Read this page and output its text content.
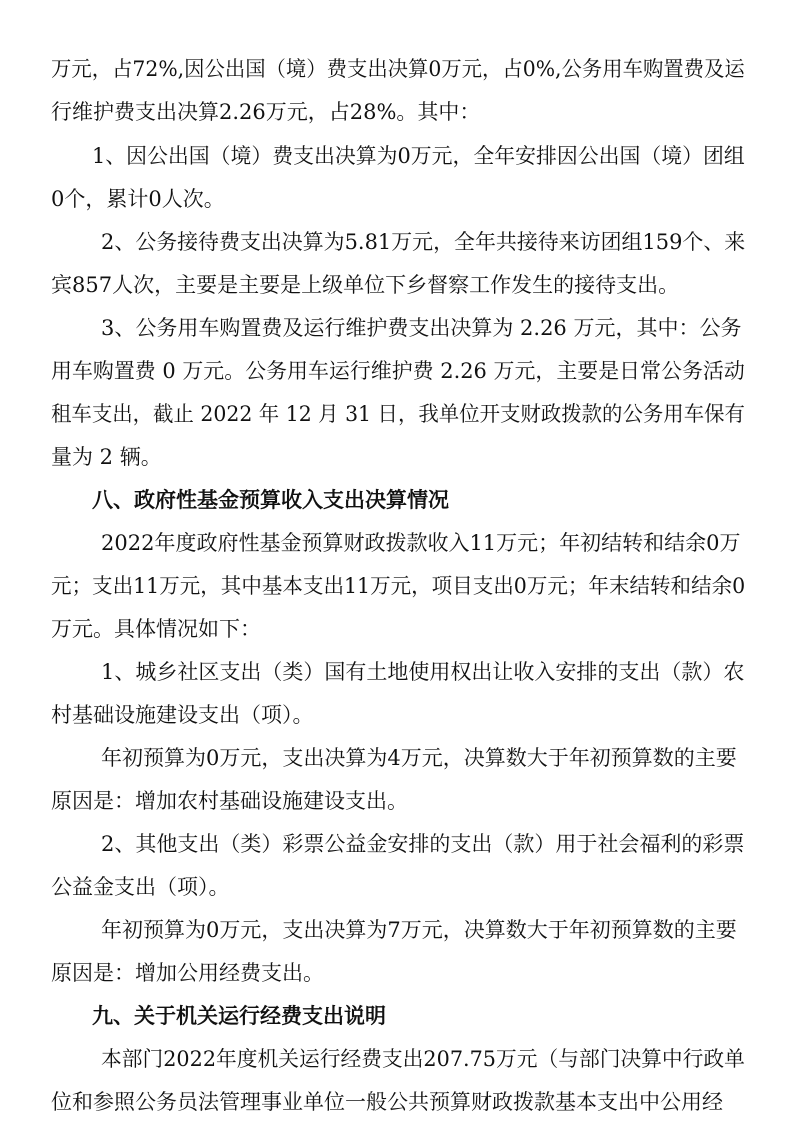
万元，占72%,因公出国（境）费支出决算0万元，占0%,公务用车购置费及运
行维护费支出决算2.26万元，占28%。其中：
1、因公出国（境）费支出决算为0万元，全年安排因公出国（境）团组
0个，累计0人次。
2、公务接待费支出决算为5.81万元，全年共接待来访团组159个、来
宾857人次，主要是主要是上级单位下乡督察工作发生的接待支出。
3、公务用车购置费及运行维护费支出决算为 2.26 万元，其中：公务
用车购置费 0 万元。公务用车运行维护费 2.26 万元，主要是日常公务活动
租车支出，截止 2022 年 12 月 31 日，我单位开支财政拨款的公务用车保有
量为 2 辆。
八、政府性基金预算收入支出决算情况
2022年度政府性基金预算财政拨款收入11万元；年初结转和结余0万
元；支出11万元，其中基本支出11万元，项目支出0万元；年末结转和结余0
万元。具体情况如下：
1、城乡社区支出（类）国有土地使用权出让收入安排的支出（款）农
村基础设施建设支出（项）。
年初预算为0万元，支出决算为4万元，决算数大于年初预算数的主要
原因是：增加农村基础设施建设支出。
2、其他支出（类）彩票公益金安排的支出（款）用于社会福利的彩票
公益金支出（项）。
年初预算为0万元，支出决算为7万元，决算数大于年初预算数的主要
原因是：增加公用经费支出。
九、关于机关运行经费支出说明
本部门2022年度机关运行经费支出207.75万元（与部门决算中行政单
位和参照公务员法管理事业单位一般公共预算财政拨款基本支出中公用经
